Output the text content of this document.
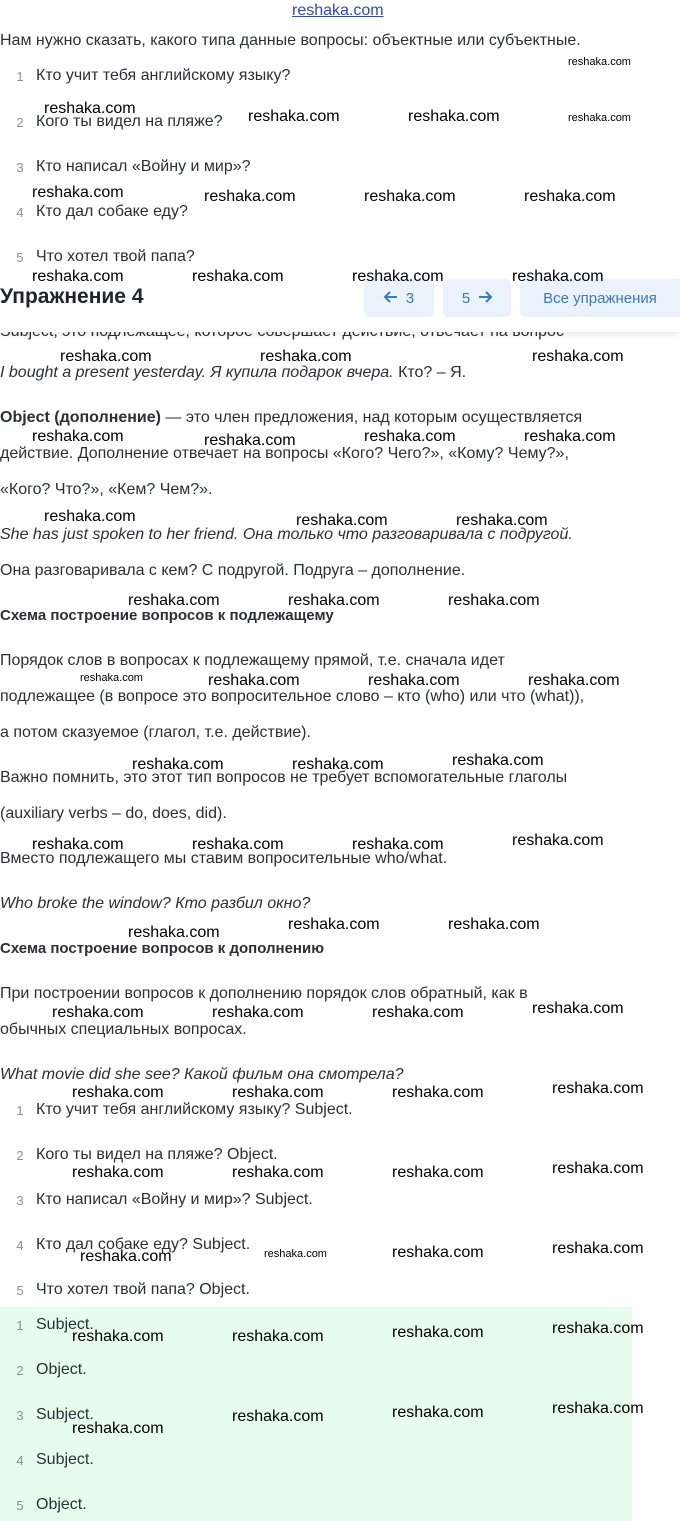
reshaka.com
Нам нужно сказать, какого типа данные вопросы: объектные или субъектные.
1 Кто учит тебя английскому языку?
2 Кого ты видел на пляже?
3 Кто написал «Войну и мир»?
4 Кто дал собаке еду?
5 Что хотел твой папа?
Упражнение 4	3	5	Все упражнения
I bought a present yesterday. Я купила подарок вчера. Кто? – Я.
Object (дополнение) — это член предложения, над которым осуществляется
действие. Дополнение отвечает на вопросы «Кого? Чего?», «Кому? Чему?»,
«Кого? Что?», «Кем? Чем?».
She has just spoken to her friend. Она только что разговаривала с подругой.
Она разговаривала с кем? С подругой. Подруга – дополнение.
Схема построение вопросов к подлежащему
Порядок слов в вопросах к подлежащему прямой, т.е. сначала идет
подлежащее (в вопросе это вопросительное слово – кто (who) или что (what)),
а потом сказуемое (глагол, т.е. действие).
Важно помнить, это этот тип вопросов не требует вспомогательные глаголы
(auxiliary verbs – do, does, did).
Вместо подлежащего мы ставим вопросительные who/what.
Who broke the window? Кто разбил окно?
Схема построение вопросов к дополнению
При построении вопросов к дополнению порядок слов обратный, как в
обычных специальных вопросах.
What movie did she see? Какой фильм она смотрела?
1 Кто учит тебя английскому языку? Subject.
2 Кого ты видел на пляже? Object.
3 Кто написал «Войну и мир»? Subject.
4 Кто дал собаке еду? Subject.
5 Что хотел твой папа? Object.
1 Subject.
2 Object.
3 Subject.
4 Subject.
5 Object.
reshaka.com
reshaka.com	reshaka.com	reshaka.com	reshaka.com
reshaka.com	reshaka.com	reshaka.com	reshaka.com
reshaka.com	reshaka.com	reshaka.com	reshaka.com
reshaka.com	reshaka.com	reshaka.com
reshaka.com	reshaka.com	reshaka.com	reshaka.com
reshaka.com	reshaka.com	reshaka.com
reshaka.com	reshaka.com	reshaka.com
reshaka.com	reshaka.com	reshaka.com	reshaka.com
reshaka.com	reshaka.com	reshaka.com
reshaka.com	reshaka.com	reshaka.com	reshaka.com
reshaka.com	reshaka.com
reshaka.com
reshaka.com	reshaka.com	reshaka.com	reshaka.com
reshaka.com	reshaka.com	reshaka.com	reshaka.com
reshaka.com	reshaka.com	reshaka.com	reshaka.com
reshaka.com	reshaka.com	reshaka.com	reshaka.com
reshaka.com	reshaka.com	reshaka.com	reshaka.com
reshaka.com
reshaka.com	reshaka.com	reshaka.com
